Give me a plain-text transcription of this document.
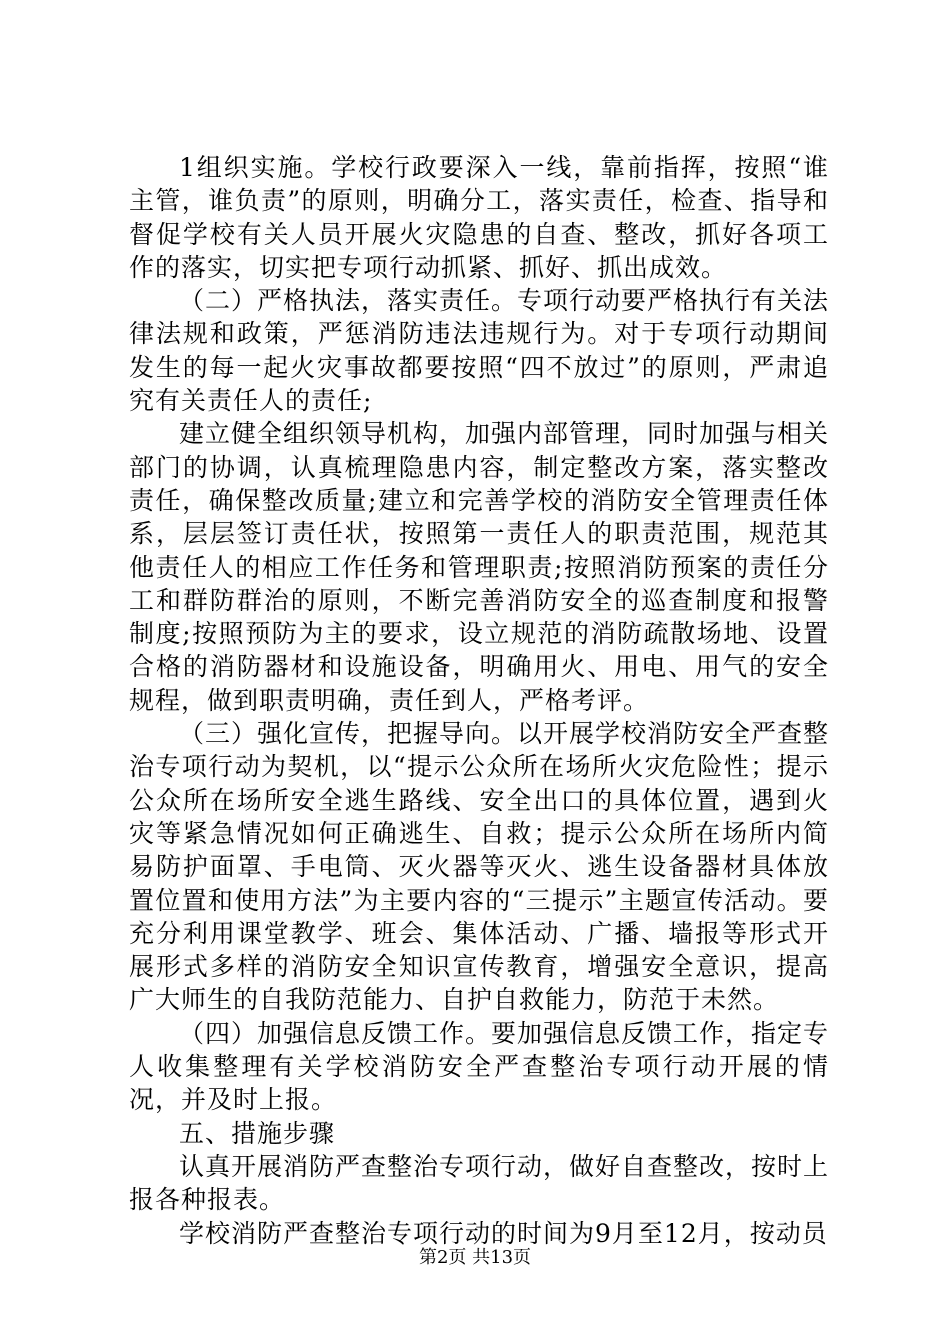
1组织实施。学校行政要深入一线，靠前指挥，按照“谁主管，谁负责”的原则，明确分工，落实责任，检查、指导和督促学校有关人员开展火灾隐患的自查、整改，抓好各项工作的落实，切实把专项行动抓紧、抓好、抓出成效。

（二）严格执法，落实责任。专项行动要严格执行有关法律法规和政策，严惩消防违法违规行为。对于专项行动期间发生的每一起火灾事故都要按照“四不放过”的原则，严肃追究有关责任人的责任;

建立健全组织领导机构，加强内部管理，同时加强与相关部门的协调，认真梳理隐患内容，制定整改方案，落实整改责任，确保整改质量;建立和完善学校的消防安全管理责任体系，层层签订责任状，按照第一责任人的职责范围，规范其他责任人的相应工作任务和管理职责;按照消防预案的责任分工和群防群治的原则，不断完善消防安全的巡查制度和报警制度;按照预防为主的要求，设立规范的消防疏散场地、设置合格的消防器材和设施设备，明确用火、用电、用气的安全规程，做到职责明确，责任到人，严格考评。

（三）强化宣传，把握导向。以开展学校消防安全严查整治专项行动为契机，以“提示公众所在场所火灾危险性；提示公众所在场所安全逃生路线、安全出口的具体位置，遇到火灾等紧急情况如何正确逃生、自救；提示公众所在场所内简易防护面罩、手电筒、灭火器等灭火、逃生设备器材具体放置位置和使用方法”为主要内容的“三提示”主题宣传活动。要充分利用课堂教学、班会、集体活动、广播、墙报等形式开展形式多样的消防安全知识宣传教育，增强安全意识，提高广大师生的自我防范能力、自护自救能力，防范于未然。

（四）加强信息反馈工作。要加强信息反馈工作，指定专人收集整理有关学校消防安全严查整治专项行动开展的情况，并及时上报。

五、措施步骤

认真开展消防严查整治专项行动，做好自查整改，按时上报各种报表。

学校消防严查整治专项行动的时间为9月至12月，按动员

第2页 共13页
